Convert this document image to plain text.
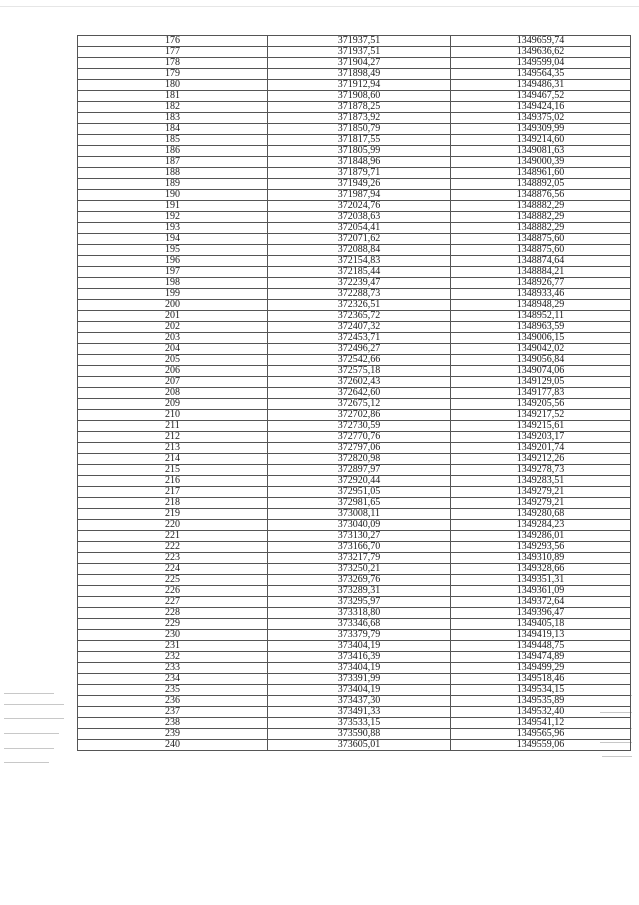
176	371937,51	1349659,74
177	371937,51	1349636,62
178	371904,27	1349599,04
179	371898,49	1349564,35
180	371912,94	1349486,31
181	371908,60	1349467,52
182	371878,25	1349424,16
183	371873,92	1349375,02
184	371850,79	1349309,99
185	371817,55	1349214,60
186	371805,99	1349081,63
187	371848,96	1349000,39
188	371879,71	1348961,60
189	371949,26	1348892,05
190	371987,94	1348876,56
191	372024,76	1348882,29
192	372038,63	1348882,29
193	372054,41	1348882,29
194	372071,62	1348875,60
195	372088,84	1348875,60
196	372154,83	1348874,64
197	372185,44	1348884,21
198	372239,47	1348926,77
199	372288,73	1348933,46
200	372326,51	1348948,29
201	372365,72	1348952,11
202	372407,32	1348963,59
203	372453,71	1349006,15
204	372496,27	1349042,02
205	372542,66	1349056,84
206	372575,18	1349074,06
207	372602,43	1349129,05
208	372642,60	1349177,83
209	372675,12	1349205,56
210	372702,86	1349217,52
211	372730,59	1349215,61
212	372770,76	1349203,17
213	372797,06	1349201,74
214	372820,98	1349212,26
215	372897,97	1349278,73
216	372920,44	1349283,51
217	372951,05	1349279,21
218	372981,65	1349279,21
219	373008,11	1349280,68
220	373040,09	1349284,23
221	373130,27	1349286,01
222	373166,70	1349293,56
223	373217,79	1349310,89
224	373250,21	1349328,66
225	373269,76	1349351,31
226	373289,31	1349361,09
227	373295,97	1349372,64
228	373318,80	1349396,47
229	373346,68	1349405,18
230	373379,79	1349419,13
231	373404,19	1349448,75
232	373416,39	1349474,89
233	373404,19	1349499,29
234	373391,99	1349518,46
235	373404,19	1349534,15
236	373437,30	1349535,89
237	373491,33	1349532,40
238	373533,15	1349541,12
239	373590,88	1349565,96
240	373605,01	1349559,06
